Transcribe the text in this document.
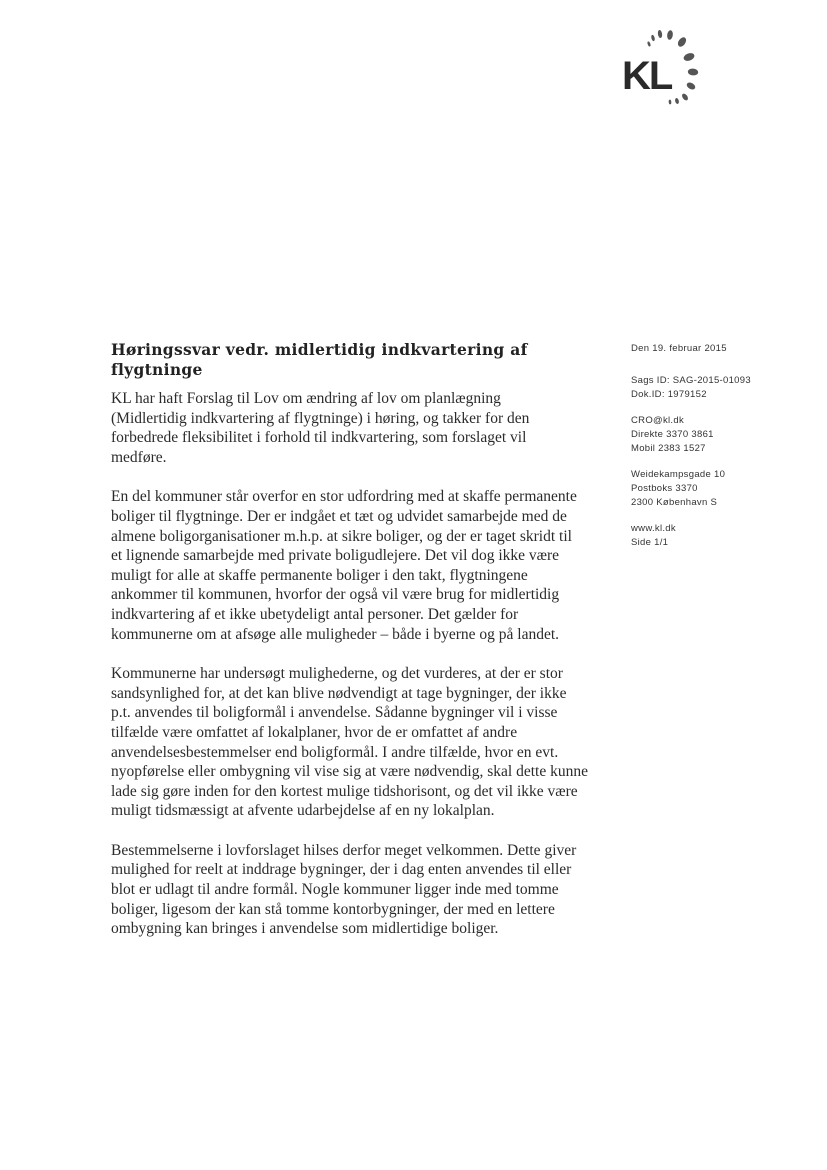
KL
Høringssvar vedr. midlertidig indkvartering af
flygtninge

KL har haft Forslag til Lov om ændring af lov om planlægning
(Midlertidig indkvartering af flygtninge) i høring, og takker for den
forbedrede fleksibilitet i forhold til indkvartering, som forslaget vil
medføre.

En del kommuner står overfor en stor udfordring med at skaffe permanente
boliger til flygtninge. Der er indgået et tæt og udvidet samarbejde med de
almene boligorganisationer m.h.p. at sikre boliger, og der er taget skridt til
et lignende samarbejde med private boligudlejere. Det vil dog ikke være
muligt for alle at skaffe permanente boliger i den takt, flygtningene
ankommer til kommunen, hvorfor der også vil være brug for midlertidig
indkvartering af et ikke ubetydeligt antal personer. Det gælder for
kommunerne om at afsøge alle muligheder – både i byerne og på landet.

Kommunerne har undersøgt mulighederne, og det vurderes, at der er stor
sandsynlighed for, at det kan blive nødvendigt at tage bygninger, der ikke
p.t. anvendes til boligformål i anvendelse. Sådanne bygninger vil i visse
tilfælde være omfattet af lokalplaner, hvor de er omfattet af andre
anvendelsesbestemmelser end boligformål. I andre tilfælde, hvor en evt.
nyopførelse eller ombygning vil vise sig at være nødvendig, skal dette kunne
lade sig gøre inden for den kortest mulige tidshorisont, og det vil ikke være
muligt tidsmæssigt at afvente udarbejdelse af en ny lokalplan.

Bestemmelserne i lovforslaget hilses derfor meget velkommen. Dette giver
mulighed for reelt at inddrage bygninger, der i dag enten anvendes til eller
blot er udlagt til andre formål. Nogle kommuner ligger inde med tomme
boliger, ligesom der kan stå tomme kontorbygninger, der med en lettere
ombygning kan bringes i anvendelse som midlertidige boliger.

Den 19. februar 2015
Sags ID: SAG-2015-01093
Dok.ID: 1979152
CRO@kl.dk
Direkte 3370 3861
Mobil 2383 1527
Weidekampsgade 10
Postboks 3370
2300 København S
www.kl.dk
Side 1/1
